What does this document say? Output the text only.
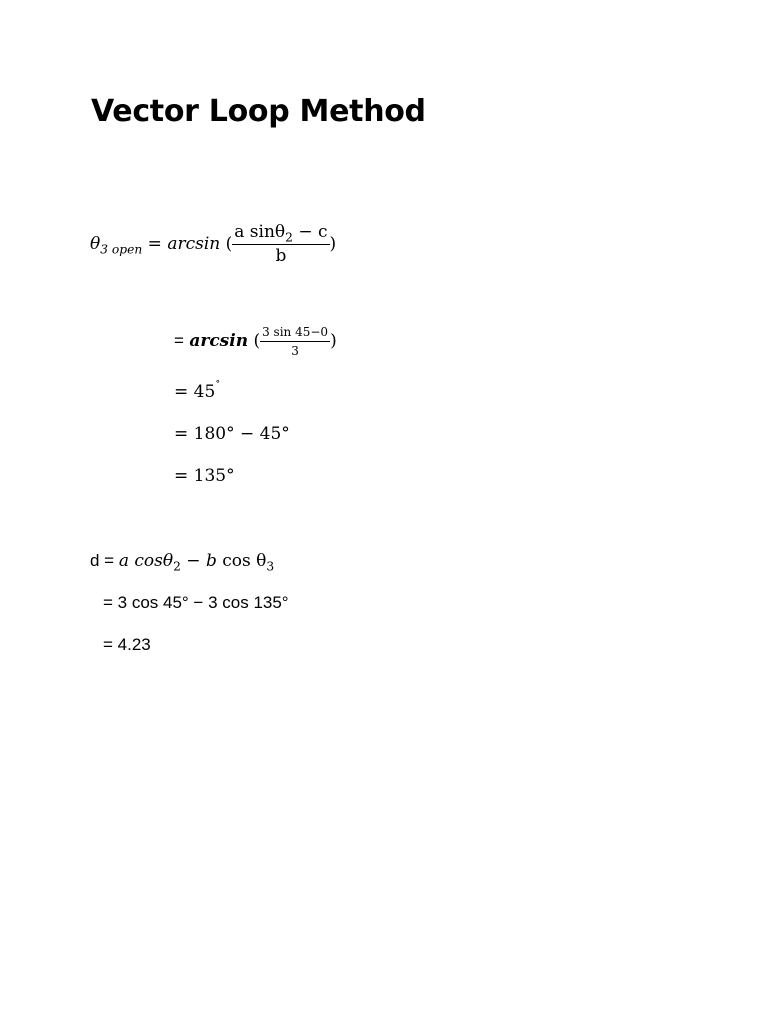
Vector Loop Method
$\theta_{3 open} = \arcsin$ ( $\frac{a \sin\theta_2 - c}{b}$ )
= arcsin ( $\frac{3 \sin 45-0}{3}$ )
= 45˚
= 180° − 45°
= 135°
d = a cosθ$_2$ − b $\cos \theta_3$
= 3 cos 45° − 3 cos 135°
= 4.23
